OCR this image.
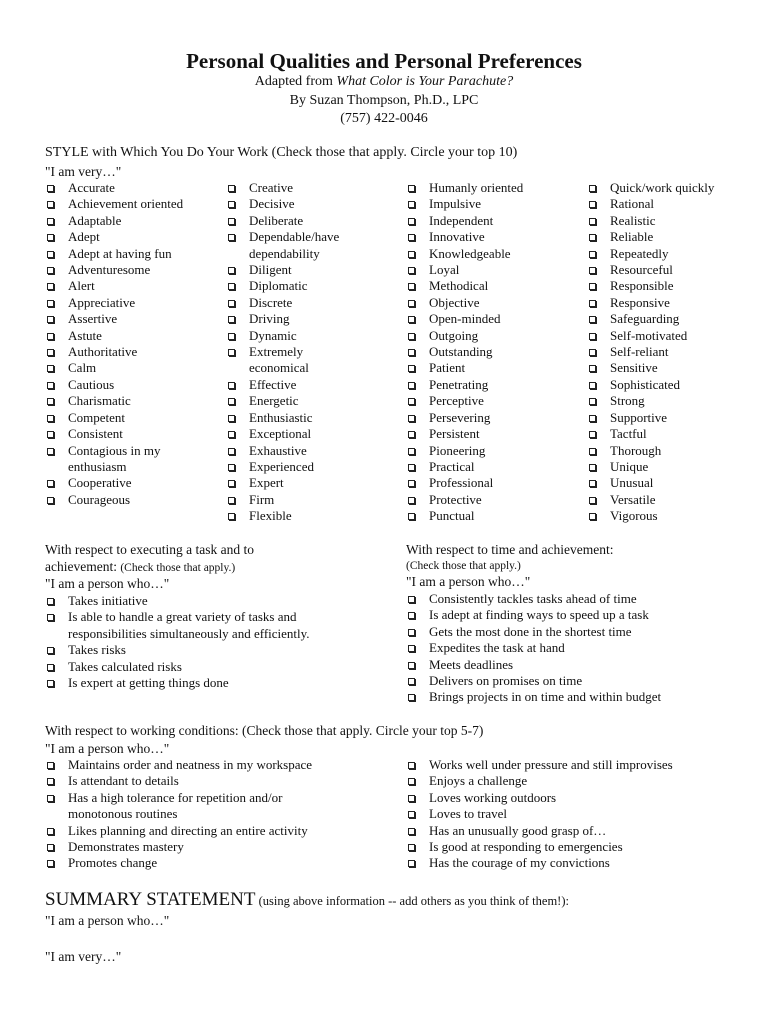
Personal Qualities and Personal Preferences
Adapted from What Color is Your Parachute?
By Suzan Thompson, Ph.D., LPC
(757) 422-0046
STYLE with Which You Do Your Work (Check those that apply. Circle your top 10)
"I am very…"
Accurate
Achievement oriented
Adaptable
Adept
Adept at having fun
Adventuresome
Alert
Appreciative
Assertive
Astute
Authoritative
Calm
Cautious
Charismatic
Competent
Consistent
Contagious in my enthusiasm
Cooperative
Courageous
Creative
Decisive
Deliberate
Dependable/have dependability
Diligent
Diplomatic
Discrete
Driving
Dynamic
Extremely economical
Effective
Energetic
Enthusiastic
Exceptional
Exhaustive
Experienced
Expert
Firm
Flexible
Humanly oriented
Impulsive
Independent
Innovative
Knowledgeable
Loyal
Methodical
Objective
Open-minded
Outgoing
Outstanding
Patient
Penetrating
Perceptive
Persevering
Persistent
Pioneering
Practical
Professional
Protective
Punctual
Quick/work quickly
Rational
Realistic
Reliable
Repeatedly
Resourceful
Responsible
Responsive
Safeguarding
Self-motivated
Self-reliant
Sensitive
Sophisticated
Strong
Supportive
Tactful
Thorough
Unique
Unusual
Versatile
Vigorous
With respect to executing a task and to
achievement: (Check those that apply.)
"I am a person who…"
Takes initiative
Is able to handle a great variety of tasks and responsibilities simultaneously and efficiently.
Takes risks
Takes calculated risks
Is expert at getting things done
With respect to time and achievement:
(Check those that apply.)
"I am a person who…"
Consistently tackles tasks ahead of time
Is adept at finding ways to speed up a task
Gets the most done in the shortest time
Expedites the task at hand
Meets deadlines
Delivers on promises on time
Brings projects in on time and within budget
With respect to working conditions: (Check those that apply. Circle your top 5-7)
"I am a person who…"
Maintains order and neatness in my workspace
Is attendant to details
Has a high tolerance for repetition and/or monotonous routines
Likes planning and directing an entire activity
Demonstrates mastery
Promotes change
Works well under pressure and still improvises
Enjoys a challenge
Loves working outdoors
Loves to travel
Has an unusually good grasp of…
Is good at responding to emergencies
Has the courage of my convictions
SUMMARY STATEMENT (using above information -- add others as you think of them!):
"I am a person who…"
"I am very…"
